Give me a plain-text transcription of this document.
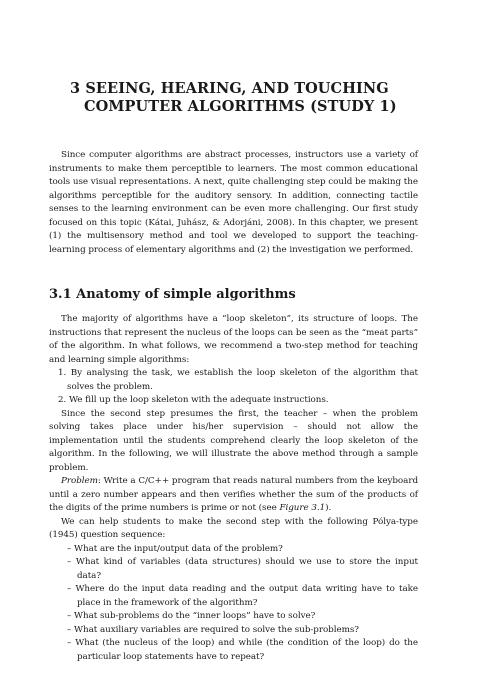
3 SEEING, HEARING, AND TOUCHING
COMPUTER ALGORITHMS (STUDY 1)

Since computer algorithms are abstract processes, instructors use a variety of instruments to make them perceptible to learners. The most common educational tools use visual representations. A next, quite challenging step could be making the algorithms perceptible for the auditory sensory. In addition, connecting tactile senses to the learning environment can be even more challenging. Our first study focused on this topic (Kátai, Juhász, & Adorjáni, 2008). In this chapter, we present (1) the multisensory method and tool we developed to support the teaching-learning process of elementary algorithms and (2) the investigation we performed.

3.1 Anatomy of simple algorithms

The majority of algorithms have a “loop skeleton”, its structure of loops. The instructions that represent the nucleus of the loops can be seen as the “meat parts” of the algorithm. In what follows, we recommend a two-step method for teaching and learning simple algorithms:

1. By analysing the task, we establish the loop skeleton of the algorithm that solves the problem.

2. We fill up the loop skeleton with the adequate instructions.

Since the second step presumes the first, the teacher – when the problem solving takes place under his/her supervision – should not allow the implementation until the students comprehend clearly the loop skeleton of the algorithm. In the following, we will illustrate the above method through a sample problem.

Problem: Write a C/C++ program that reads natural numbers from the keyboard until a zero number appears and then verifies whether the sum of the products of the digits of the prime numbers is prime or not (see Figure 3.1).

We can help students to make the second step with the following Pólya-type (1945) question sequence:

– What are the input/output data of the problem?

– What kind of variables (data structures) should we use to store the input data?

– Where do the input data reading and the output data writing have to take place in the framework of the algorithm?

– What sub-problems do the “inner loops” have to solve?

– What auxiliary variables are required to solve the sub-problems?

– What (the nucleus of the loop) and while (the condition of the loop) do the particular loop statements have to repeat?
